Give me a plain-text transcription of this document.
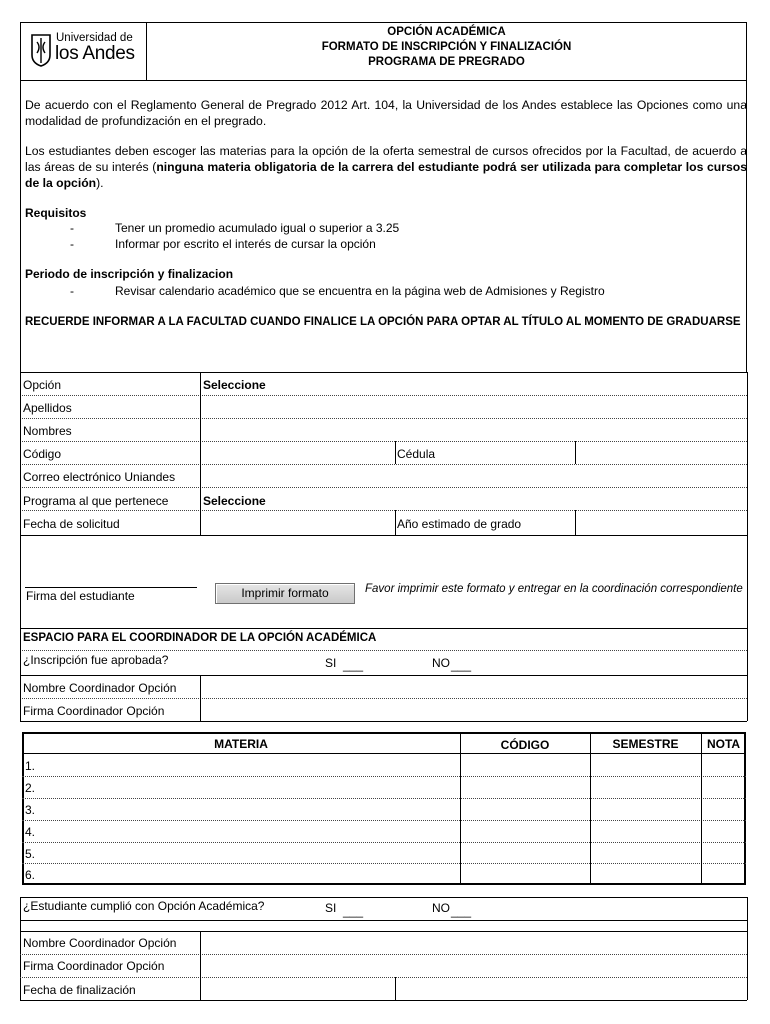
Universidad de
los Andes
OPCIÓN ACADÉMICA
FORMATO DE INSCRIPCIÓN Y FINALIZACIÓN
PROGRAMA DE PREGRADO
De acuerdo con el Reglamento General de Pregrado 2012 Art. 104, la Universidad de los Andes establece las Opciones como una modalidad de profundización en el pregrado.
Los estudiantes deben escoger las materias para la opción de la oferta semestral de cursos ofrecidos por la Facultad, de acuerdo a las áreas de su interés (ninguna materia obligatoria de la carrera del estudiante podrá ser utilizada para completar los cursos de la opción).
Requisitos
-	Tener un promedio acumulado igual o superior a 3.25
-	Informar por escrito el interés de cursar la opción
Periodo de inscripción y finalizacion
-	Revisar calendario académico que se encuentra en la página web de Admisiones y Registro
RECUERDE INFORMAR A LA FACULTAD CUANDO FINALICE LA OPCIÓN PARA OPTAR AL TÍTULO AL MOMENTO DE GRADUARSE
Opción	Seleccione
Apellidos
Nombres
Código	Cédula
Correo electrónico Uniandes
Programa al que pertenece	Seleccione
Fecha de solicitud	Año estimado de grado
Firma del estudiante	Imprimir formato	Favor imprimir este formato y entregar en la coordinación correspondiente
ESPACIO PARA EL COORDINADOR DE LA OPCIÓN ACADÉMICA
¿Inscripción fue aprobada?	SI ___	NO ___
Nombre Coordinador Opción
Firma Coordinador Opción
MATERIA	CÓDIGO	SEMESTRE	NOTA
1.
2.
3.
4.
5.
6.
¿Estudiante cumplió con Opción Académica?	SI ___	NO ___
Nombre Coordinador Opción
Firma Coordinador Opción
Fecha de finalización
